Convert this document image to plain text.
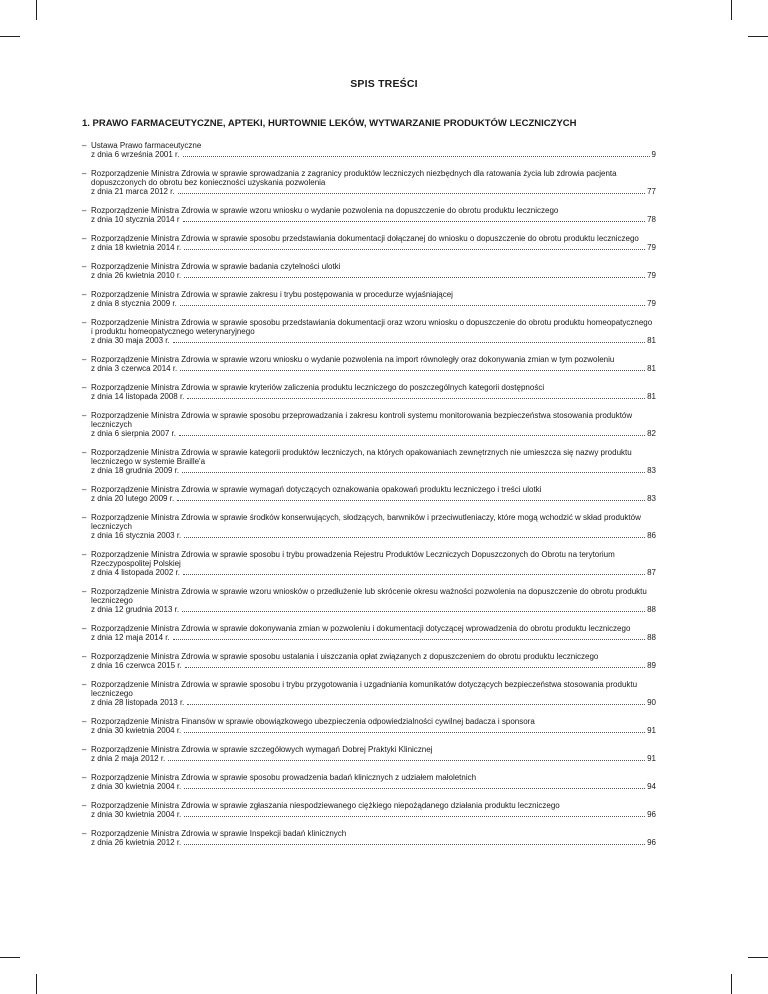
SPIS TREŚCI
1. PRAWO FARMACEUTYCZNE, APTEKI, HURTOWNIE LEKÓW, WYTWARZANIE PRODUKTÓW LECZNICZYCH
– Ustawa Prawo farmaceutyczne
z dnia 6 września 2001 r.	9
– Rozporządzenie Ministra Zdrowia w sprawie sprowadzania z zagranicy produktów leczniczych niezbędnych dla ratowania życia lub zdrowia pacjenta dopuszczonych do obrotu bez konieczności uzyskania pozwolenia
z dnia 21 marca 2012 r.	77
– Rozporządzenie Ministra Zdrowia w sprawie wzoru wniosku o wydanie pozwolenia na dopuszczenie do obrotu produktu leczniczego
z dnia 10 stycznia 2014 r	78
– Rozporządzenie Ministra Zdrowia w sprawie sposobu przedstawiania dokumentacji dołączanej do wniosku o dopuszczenie do obrotu produktu leczniczego
z dnia 18 kwietnia 2014 r.	79
– Rozporządzenie Ministra Zdrowia w sprawie badania czytelności ulotki
z dnia 26 kwietnia 2010 r.	79
– Rozporządzenie Ministra Zdrowia w sprawie zakresu i trybu postępowania w procedurze wyjaśniającej
z dnia 8 stycznia 2009 r.	79
– Rozporządzenie Ministra Zdrowia w sprawie sposobu przedstawiania dokumentacji oraz wzoru wniosku o dopuszczenie do obrotu produktu homeopatycznego i produktu homeopatycznego weterynaryjnego
z dnia 30 maja 2003 r.	81
– Rozporządzenie Ministra Zdrowia w sprawie wzoru wniosku o wydanie pozwolenia na import równoległy oraz dokonywania zmian w tym pozwoleniu
z dnia 3 czerwca 2014 r.	81
– Rozporządzenie Ministra Zdrowia w sprawie kryteriów zaliczenia produktu leczniczego do poszczególnych kategorii dostępności
z dnia 14 listopada 2008 r.	81
– Rozporządzenie Ministra Zdrowia w sprawie sposobu przeprowadzania i zakresu kontroli systemu monitorowania bezpieczeństwa stosowania produktów leczniczych
z dnia 6 sierpnia 2007 r.	82
– Rozporządzenie Ministra Zdrowia w sprawie kategorii produktów leczniczych, na których opakowaniach zewnętrznych nie umieszcza się nazwy produktu leczniczego w systemie Braille'a
z dnia 18 grudnia 2009 r.	83
– Rozporządzenie Ministra Zdrowia w sprawie wymagań dotyczących oznakowania opakowań produktu leczniczego i treści ulotki
z dnia 20 lutego 2009 r.	83
– Rozporządzenie Ministra Zdrowia w sprawie środków konserwujących, słodzących, barwników i przeciwutleniaczy, które mogą wchodzić w skład produktów leczniczych
z dnia 16 stycznia 2003 r.	86
– Rozporządzenie Ministra Zdrowia w sprawie sposobu i trybu prowadzenia Rejestru Produktów Leczniczych Dopuszczonych do Obrotu na terytorium Rzeczypospolitej Polskiej
z dnia 4 listopada 2002 r.	87
– Rozporządzenie Ministra Zdrowia w sprawie wzoru wniosków o przedłużenie lub skrócenie okresu ważności pozwolenia na dopuszczenie do obrotu produktu leczniczego
z dnia 12 grudnia 2013 r.	88
– Rozporządzenie Ministra Zdrowia w sprawie dokonywania zmian w pozwoleniu i dokumentacji dotyczącej wprowadzenia do obrotu produktu leczniczego
z dnia 12 maja 2014 r.	88
– Rozporządzenie Ministra Zdrowia w sprawie sposobu ustalania i uiszczania opłat związanych z dopuszczeniem do obrotu produktu leczniczego
z dnia 16 czerwca 2015 r.	89
– Rozporządzenie Ministra Zdrowia w sprawie sposobu i trybu przygotowania i uzgadniania komunikatów dotyczących bezpieczeństwa stosowania produktu leczniczego
z dnia 28 listopada 2013 r.	90
– Rozporządzenie Ministra Finansów w sprawie obowiązkowego ubezpieczenia odpowiedzialności cywilnej badacza i sponsora
z dnia 30 kwietnia 2004 r.	91
– Rozporządzenie Ministra Zdrowia w sprawie szczegółowych wymagań Dobrej Praktyki Klinicznej
z dnia 2 maja 2012 r.	91
– Rozporządzenie Ministra Zdrowia w sprawie sposobu prowadzenia badań klinicznych z udziałem małoletnich
z dnia 30 kwietnia 2004 r.	94
– Rozporządzenie Ministra Zdrowia w sprawie zgłaszania niespodziewanego ciężkiego niepożądanego działania produktu leczniczego
z dnia 30 kwietnia 2004 r.	96
– Rozporządzenie Ministra Zdrowia w sprawie Inspekcji badań klinicznych
z dnia 26 kwietnia 2012 r.	96
